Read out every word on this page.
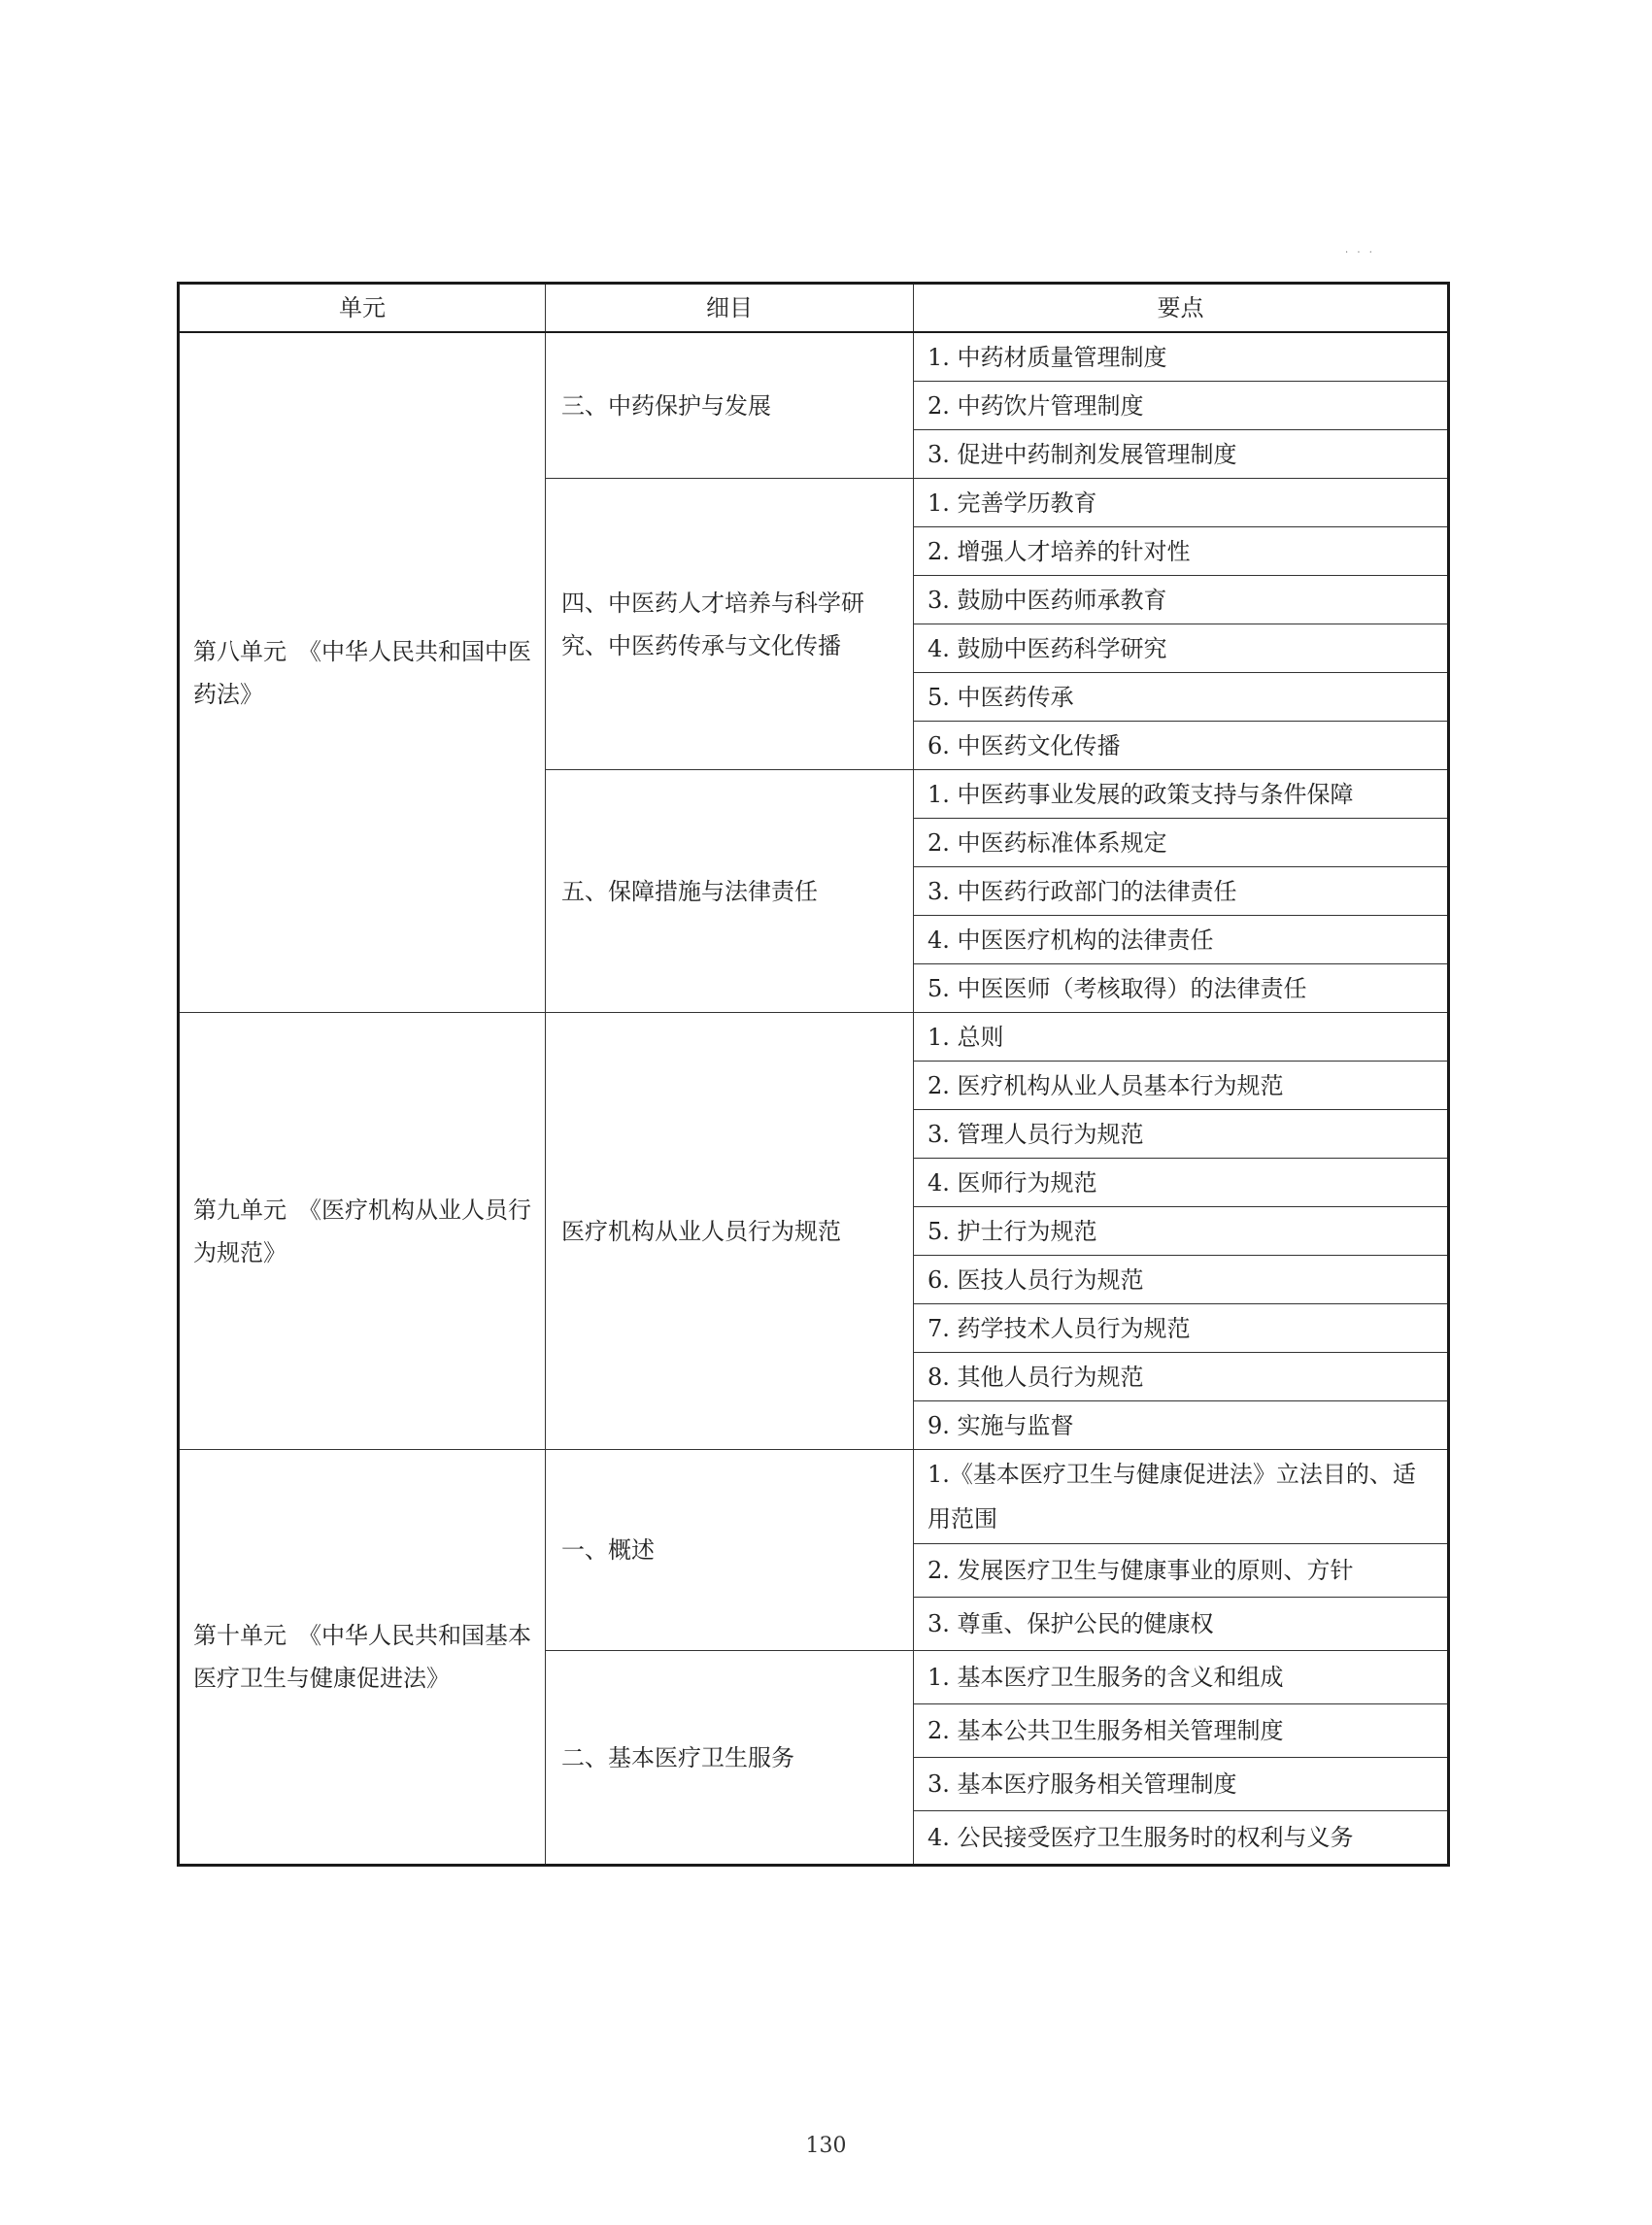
· · ·
单元	细目	要点
第八单元　《中华人民共和国中医药法》	三、中药保护与发展	1. 中药材质量管理制度
		2. 中药饮片管理制度
		3. 促进中药制剂发展管理制度
	四、中医药人才培养与科学研究、中医药传承与文化传播	1. 完善学历教育
		2. 增强人才培养的针对性
		3. 鼓励中医药师承教育
		4. 鼓励中医药科学研究
		5. 中医药传承
		6. 中医药文化传播
	五、保障措施与法律责任	1. 中医药事业发展的政策支持与条件保障
		2. 中医药标准体系规定
		3. 中医药行政部门的法律责任
		4. 中医医疗机构的法律责任
		5. 中医医师（考核取得）的法律责任
第九单元　《医疗机构从业人员行为规范》	医疗机构从业人员行为规范	1. 总则
		2. 医疗机构从业人员基本行为规范
		3. 管理人员行为规范
		4. 医师行为规范
		5. 护士行为规范
		6. 医技人员行为规范
		7. 药学技术人员行为规范
		8. 其他人员行为规范
		9. 实施与监督
第十单元　《中华人民共和国基本医疗卫生与健康促进法》	一、概述	1.《基本医疗卫生与健康促进法》立法目的、适用范围
		2. 发展医疗卫生与健康事业的原则、方针
		3. 尊重、保护公民的健康权
	二、基本医疗卫生服务	1. 基本医疗卫生服务的含义和组成
		2. 基本公共卫生服务相关管理制度
		3. 基本医疗服务相关管理制度
		4. 公民接受医疗卫生服务时的权利与义务
130
